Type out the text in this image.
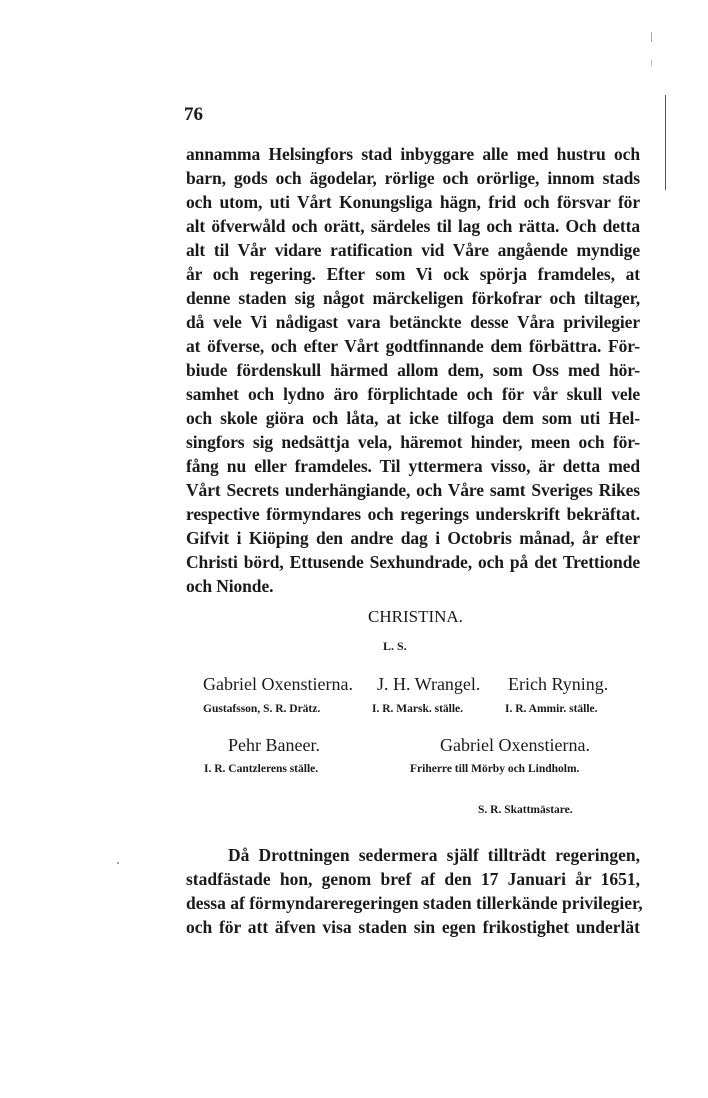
76
annamma Helsingfors stad inbyggare alle med hustru och
barn, gods och ägodelar, rörlige och orörlige, innom stads
och utom, uti Vårt Konungsliga hägn, frid och försvar för
alt öfverwåld och orätt, särdeles til lag och rätta. Och detta
alt til Vår vidare ratification vid Våre angående myndige
år och regering. Efter som Vi ock spörja framdeles, at
denne staden sig något märckeligen förkofrar och tiltager,
då vele Vi nådigast vara betänckte desse Våra privilegier
at öfverse, och efter Vårt godtfinnande dem förbättra. För-
biude fördenskull härmed allom dem, som Oss med hör-
samhet och lydno äro förplichtade och för vår skull vele
och skole giöra och låta, at icke tilfoga dem som uti Hel-
singfors sig nedsättja vela, häremot hinder, meen och för-
fång nu eller framdeles. Til yttermera visso, är detta med
Vårt Secrets underhängiande, och Våre samt Sveriges Rikes
respective förmyndares och regerings underskrift bekräftat.
Gifvit i Kiöping den andre dag i Octobris månad, år efter
Christi börd, Ettusende Sexhundrade, och på det Trettionde
och Nionde.
CHRISTINA.
L. S.
Gabriel Oxenstierna.
Gustafsson, S. R. Drätz.
J. H. Wrangel.
I. R. Marsk. ställe.
Erich Ryning.
I. R. Ammir. ställe.
Pehr Baneer.
I. R. Cantzlerens ställe.
Gabriel Oxenstierna.
Friherre till Mörby och Lindholm.
S. R. Skattmästare.
Då Drottningen sedermera själf tillträdt regeringen,
stadfästade hon, genom bref af den 17 Januari år 1651,
dessa af förmyndareregeringen staden tillerkände privilegier,
och för att äfven visa staden sin egen frikostighet underlät
